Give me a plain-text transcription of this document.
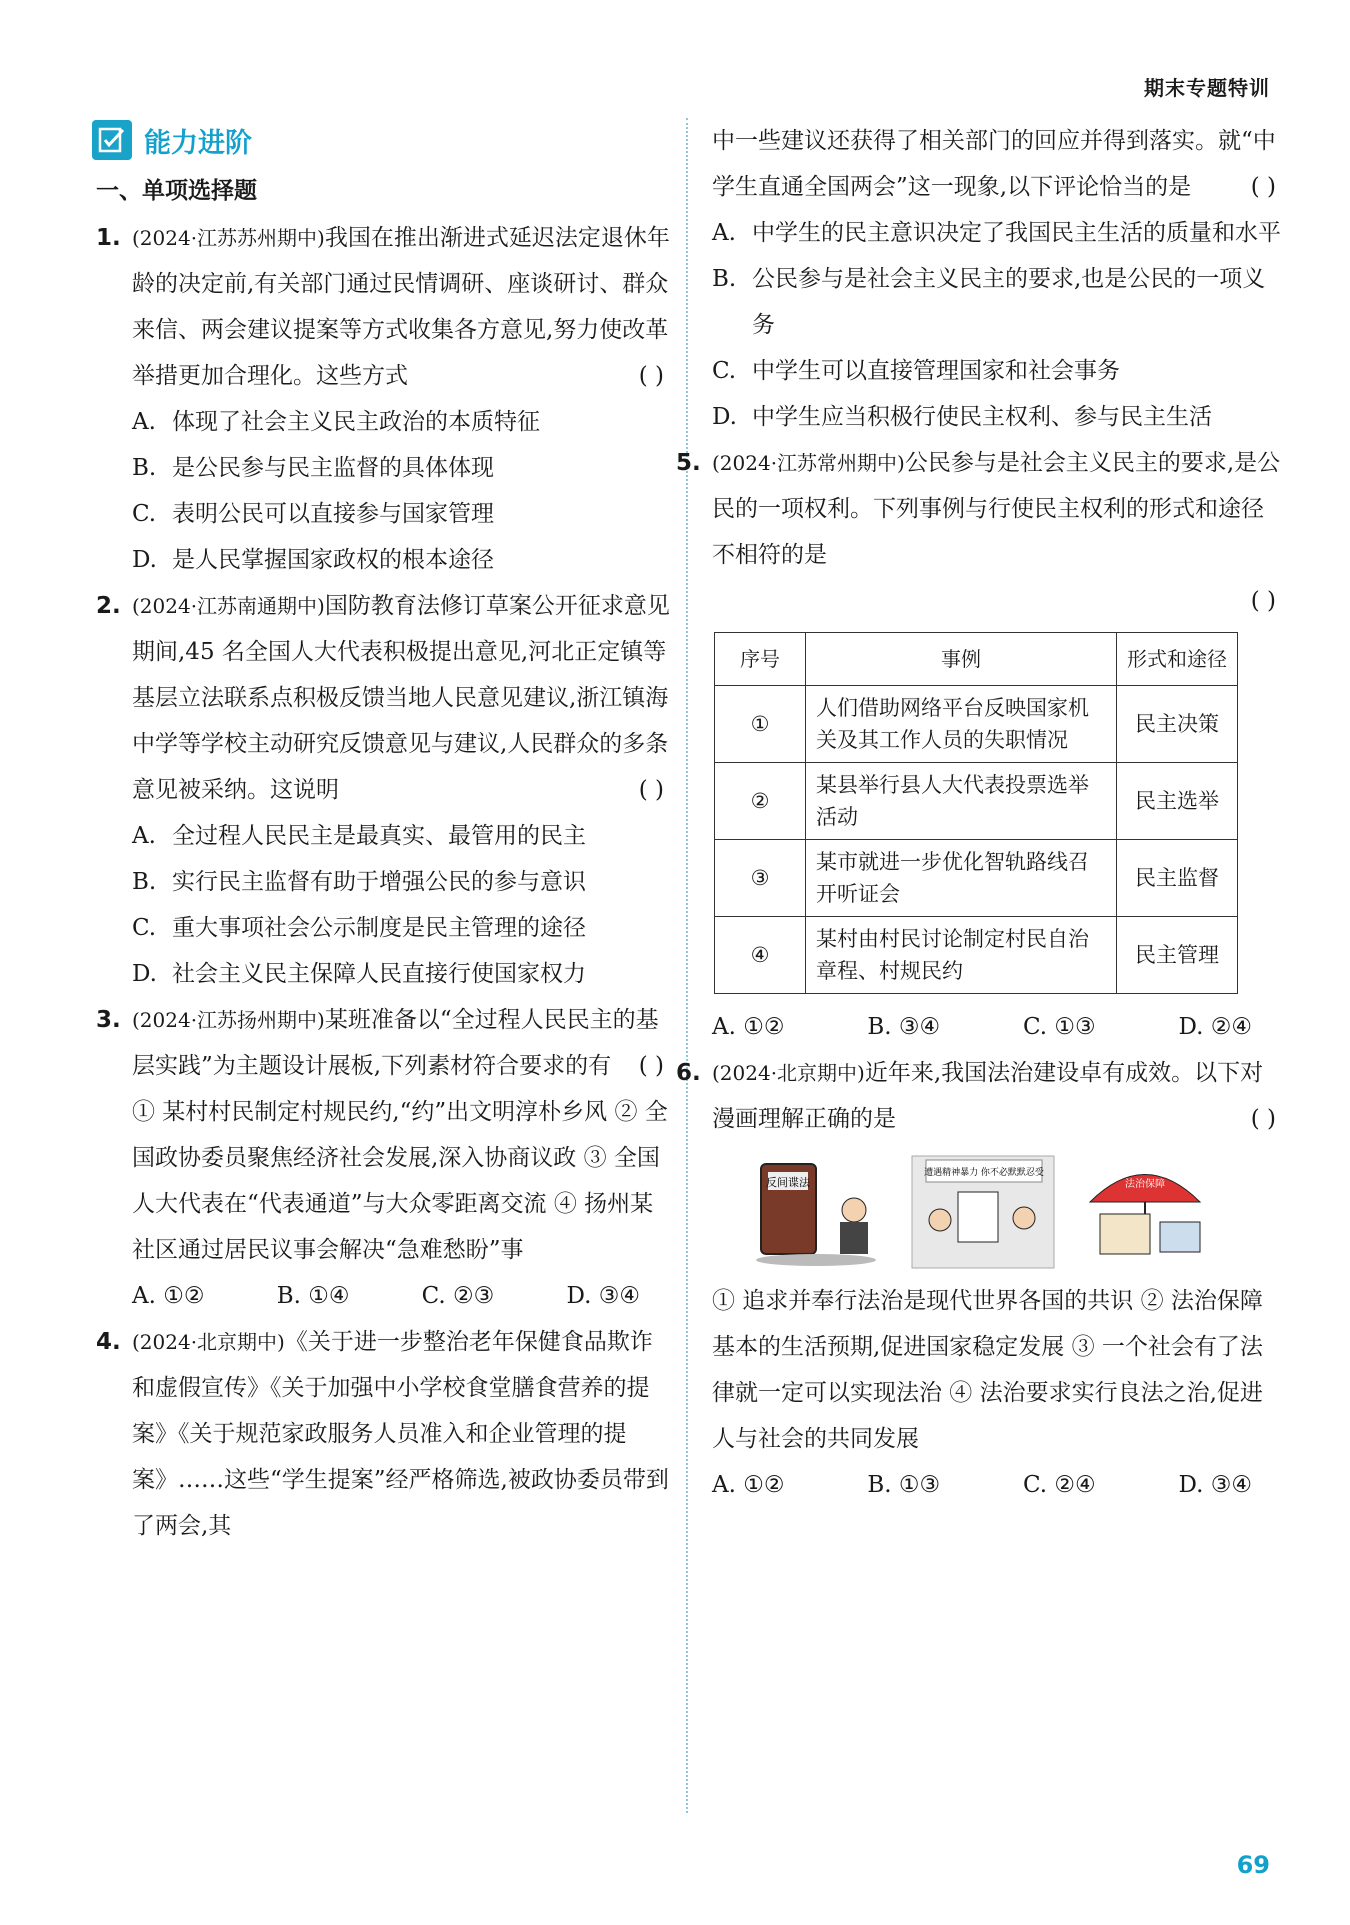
期末专题特训
能力进阶
一、单项选择题
1. (2024·江苏苏州期中)我国在推出渐进式延迟法定退休年龄的决定前,有关部门通过民情调研、座谈研讨、群众来信、两会建议提案等方式收集各方意见,努力使改革举措更加合理化。这些方式	( )
A. 体现了社会主义民主政治的本质特征
B. 是公民参与民主监督的具体体现
C. 表明公民可以直接参与国家管理
D. 是人民掌握国家政权的根本途径
2. (2024·江苏南通期中)国防教育法修订草案公开征求意见期间,45 名全国人大代表积极提出意见,河北正定镇等基层立法联系点积极反馈当地人民意见建议,浙江镇海中学等学校主动研究反馈意见与建议,人民群众的多条意见被采纳。这说明	( )
A. 全过程人民民主是最真实、最管用的民主
B. 实行民主监督有助于增强公民的参与意识
C. 重大事项社会公示制度是民主管理的途径
D. 社会主义民主保障人民直接行使国家权力
3. (2024·江苏扬州期中)某班准备以“全过程人民民主的基层实践”为主题设计展板,下列素材符合要求的有 ( )
① 某村村民制定村规民约,“约”出文明淳朴乡风 ② 全国政协委员聚焦经济社会发展,深入协商议政 ③ 全国人大代表在“代表通道”与大众零距离交流 ④ 扬州某社区通过居民议事会解决“急难愁盼”事
A. ①②	B. ①④	C. ②③	D. ③④
4. (2024·北京期中)《关于进一步整治老年保健食品欺诈和虚假宣传》《关于加强中小学校食堂膳食营养的提案》《关于规范家政服务人员准入和企业管理的提案》……这些“学生提案”经严格筛选,被政协委员带到了两会,其
中一些建议还获得了相关部门的回应并得到落实。就“中学生直通全国两会”这一现象,以下评论恰当的是	( )
A. 中学生的民主意识决定了我国民主生活的质量和水平
B. 公民参与是社会主义民主的要求,也是公民的一项义务
C. 中学生可以直接管理国家和社会事务
D. 中学生应当积极行使民主权利、参与民主生活
5. (2024·江苏常州期中)公民参与是社会主义民主的要求,是公民的一项权利。下列事例与行使民主权利的形式和途径不相符的是
( )
序号	事例	形式和途径
①	人们借助网络平台反映国家机关及其工作人员的失职情况	民主决策
②	某县举行县人大代表投票选举活动	民主选举
③	某市就进一步优化智轨路线召开听证会	民主监督
④	某村由村民讨论制定村民自治章程、村规民约	民主管理
A. ①②	B. ③④	C. ①③	D. ②④
6. (2024·北京期中)近年来,我国法治建设卓有成效。以下对漫画理解正确的是	( )
反间谍法
遭遇精神暴力 你不必默默忍受
法治保障
① 追求并奉行法治是现代世界各国的共识 ② 法治保障基本的生活预期,促进国家稳定发展 ③ 一个社会有了法律就一定可以实现法治 ④ 法治要求实行良法之治,促进人与社会的共同发展
A. ①②	B. ①③	C. ②④	D. ③④
69
